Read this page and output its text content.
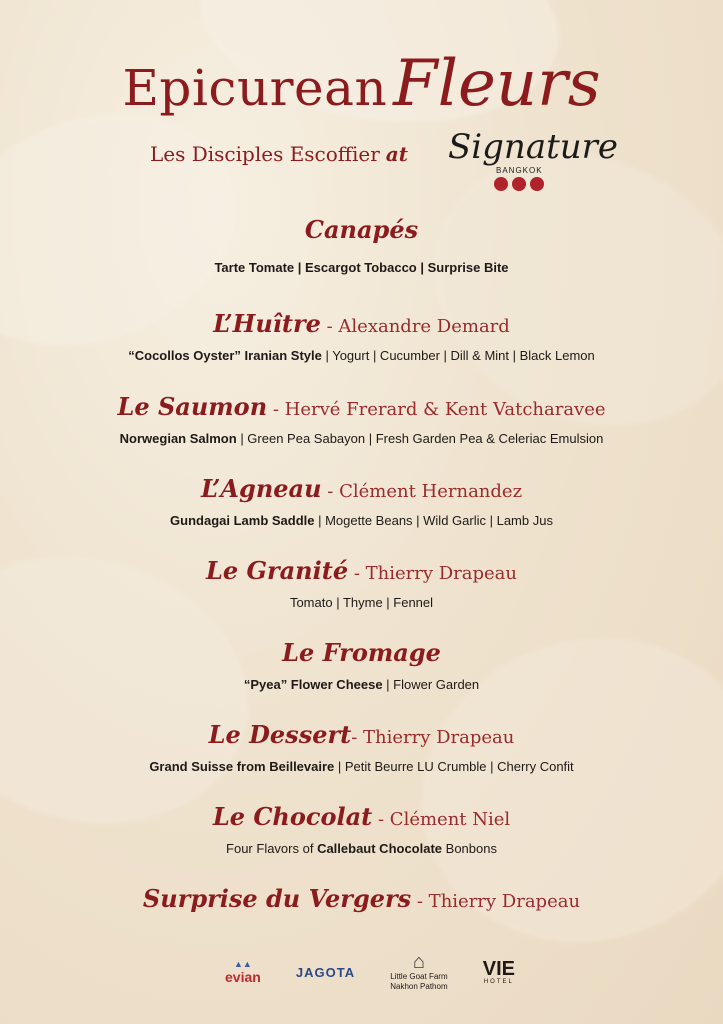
EpicureanFleurs
Les Disciples Escoffier at	Signature
BANGKOK
Canapés
Tarte Tomate | Escargot Tobacco | Surprise Bite
L’Huître - Alexandre Demard
“Cocollos Oyster” Iranian Style | Yogurt | Cucumber | Dill & Mint | Black Lemon
Le Saumon - Hervé Frerard & Kent Vatcharavee
Norwegian Salmon | Green Pea Sabayon | Fresh Garden Pea & Celeriac Emulsion
L’Agneau - Clément Hernandez
Gundagai Lamb Saddle | Mogette Beans | Wild Garlic | Lamb Jus
Le Granité - Thierry Drapeau
Tomato | Thyme | Fennel
Le Fromage
“Pyea” Flower Cheese | Flower Garden
Le Dessert- Thierry Drapeau
Grand Suisse from Beillevaire | Petit Beurre LU Crumble | Cherry Confit
Le Chocolat - Clément Niel
Four Flavors of Callebaut Chocolate Bonbons
Surprise du Vergers - Thierry Drapeau
▲▲
evian	JAGOTA	⌂
Little Goat Farm
Nakhon Pathom
VIE
HOTEL
